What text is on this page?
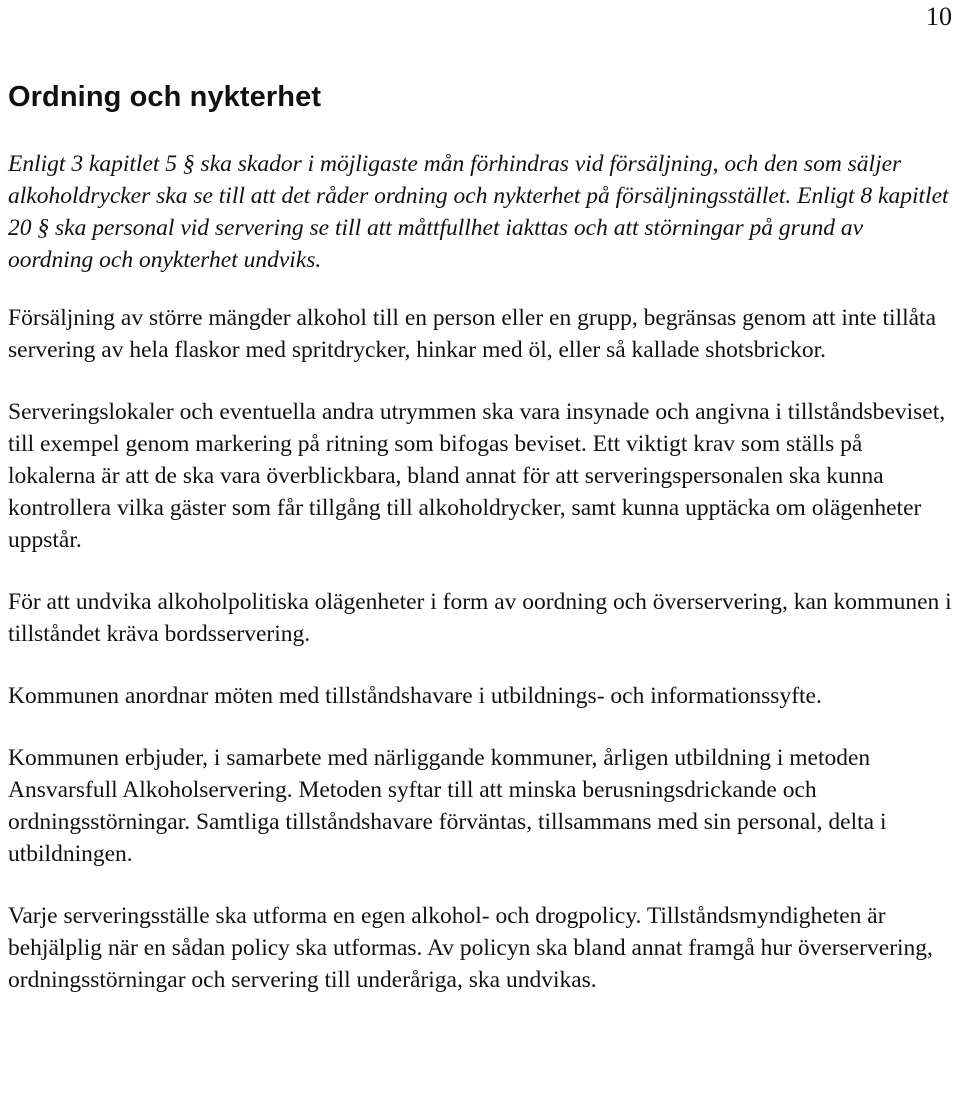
10
Ordning och nykterhet

Enligt 3 kapitlet 5 § ska skador i möjligaste mån förhindras vid försäljning, och den som säljer alkoholdrycker ska se till att det råder ordning och nykterhet på försäljningsstället. Enligt 8 kapitlet 20 § ska personal vid servering se till att måttfullhet iakttas och att störningar på grund av oordning och onykterhet undviks.

Försäljning av större mängder alkohol till en person eller en grupp, begränsas genom att inte tillåta servering av hela flaskor med spritdrycker, hinkar med öl, eller så kallade shotsbrickor.

Serveringslokaler och eventuella andra utrymmen ska vara insynade och angivna i tillståndsbeviset, till exempel genom markering på ritning som bifogas beviset. Ett viktigt krav som ställs på lokalerna är att de ska vara överblickbara, bland annat för att serveringspersonalen ska kunna kontrollera vilka gäster som får tillgång till alkoholdrycker, samt kunna upptäcka om olägenheter uppstår.

För att undvika alkoholpolitiska olägenheter i form av oordning och överservering, kan kommunen i tillståndet kräva bordsservering.

Kommunen anordnar möten med tillståndshavare i utbildnings- och informationssyfte.

Kommunen erbjuder, i samarbete med närliggande kommuner, årligen utbildning i metoden Ansvarsfull Alkoholservering. Metoden syftar till att minska berusningsdrickande och ordningsstörningar. Samtliga tillståndshavare förväntas, tillsammans med sin personal, delta i utbildningen.

Varje serveringsställe ska utforma en egen alkohol- och drogpolicy. Tillståndsmyndigheten är behjälplig när en sådan policy ska utformas. Av policyn ska bland annat framgå hur överservering, ordningsstörningar och servering till underåriga, ska undvikas.
